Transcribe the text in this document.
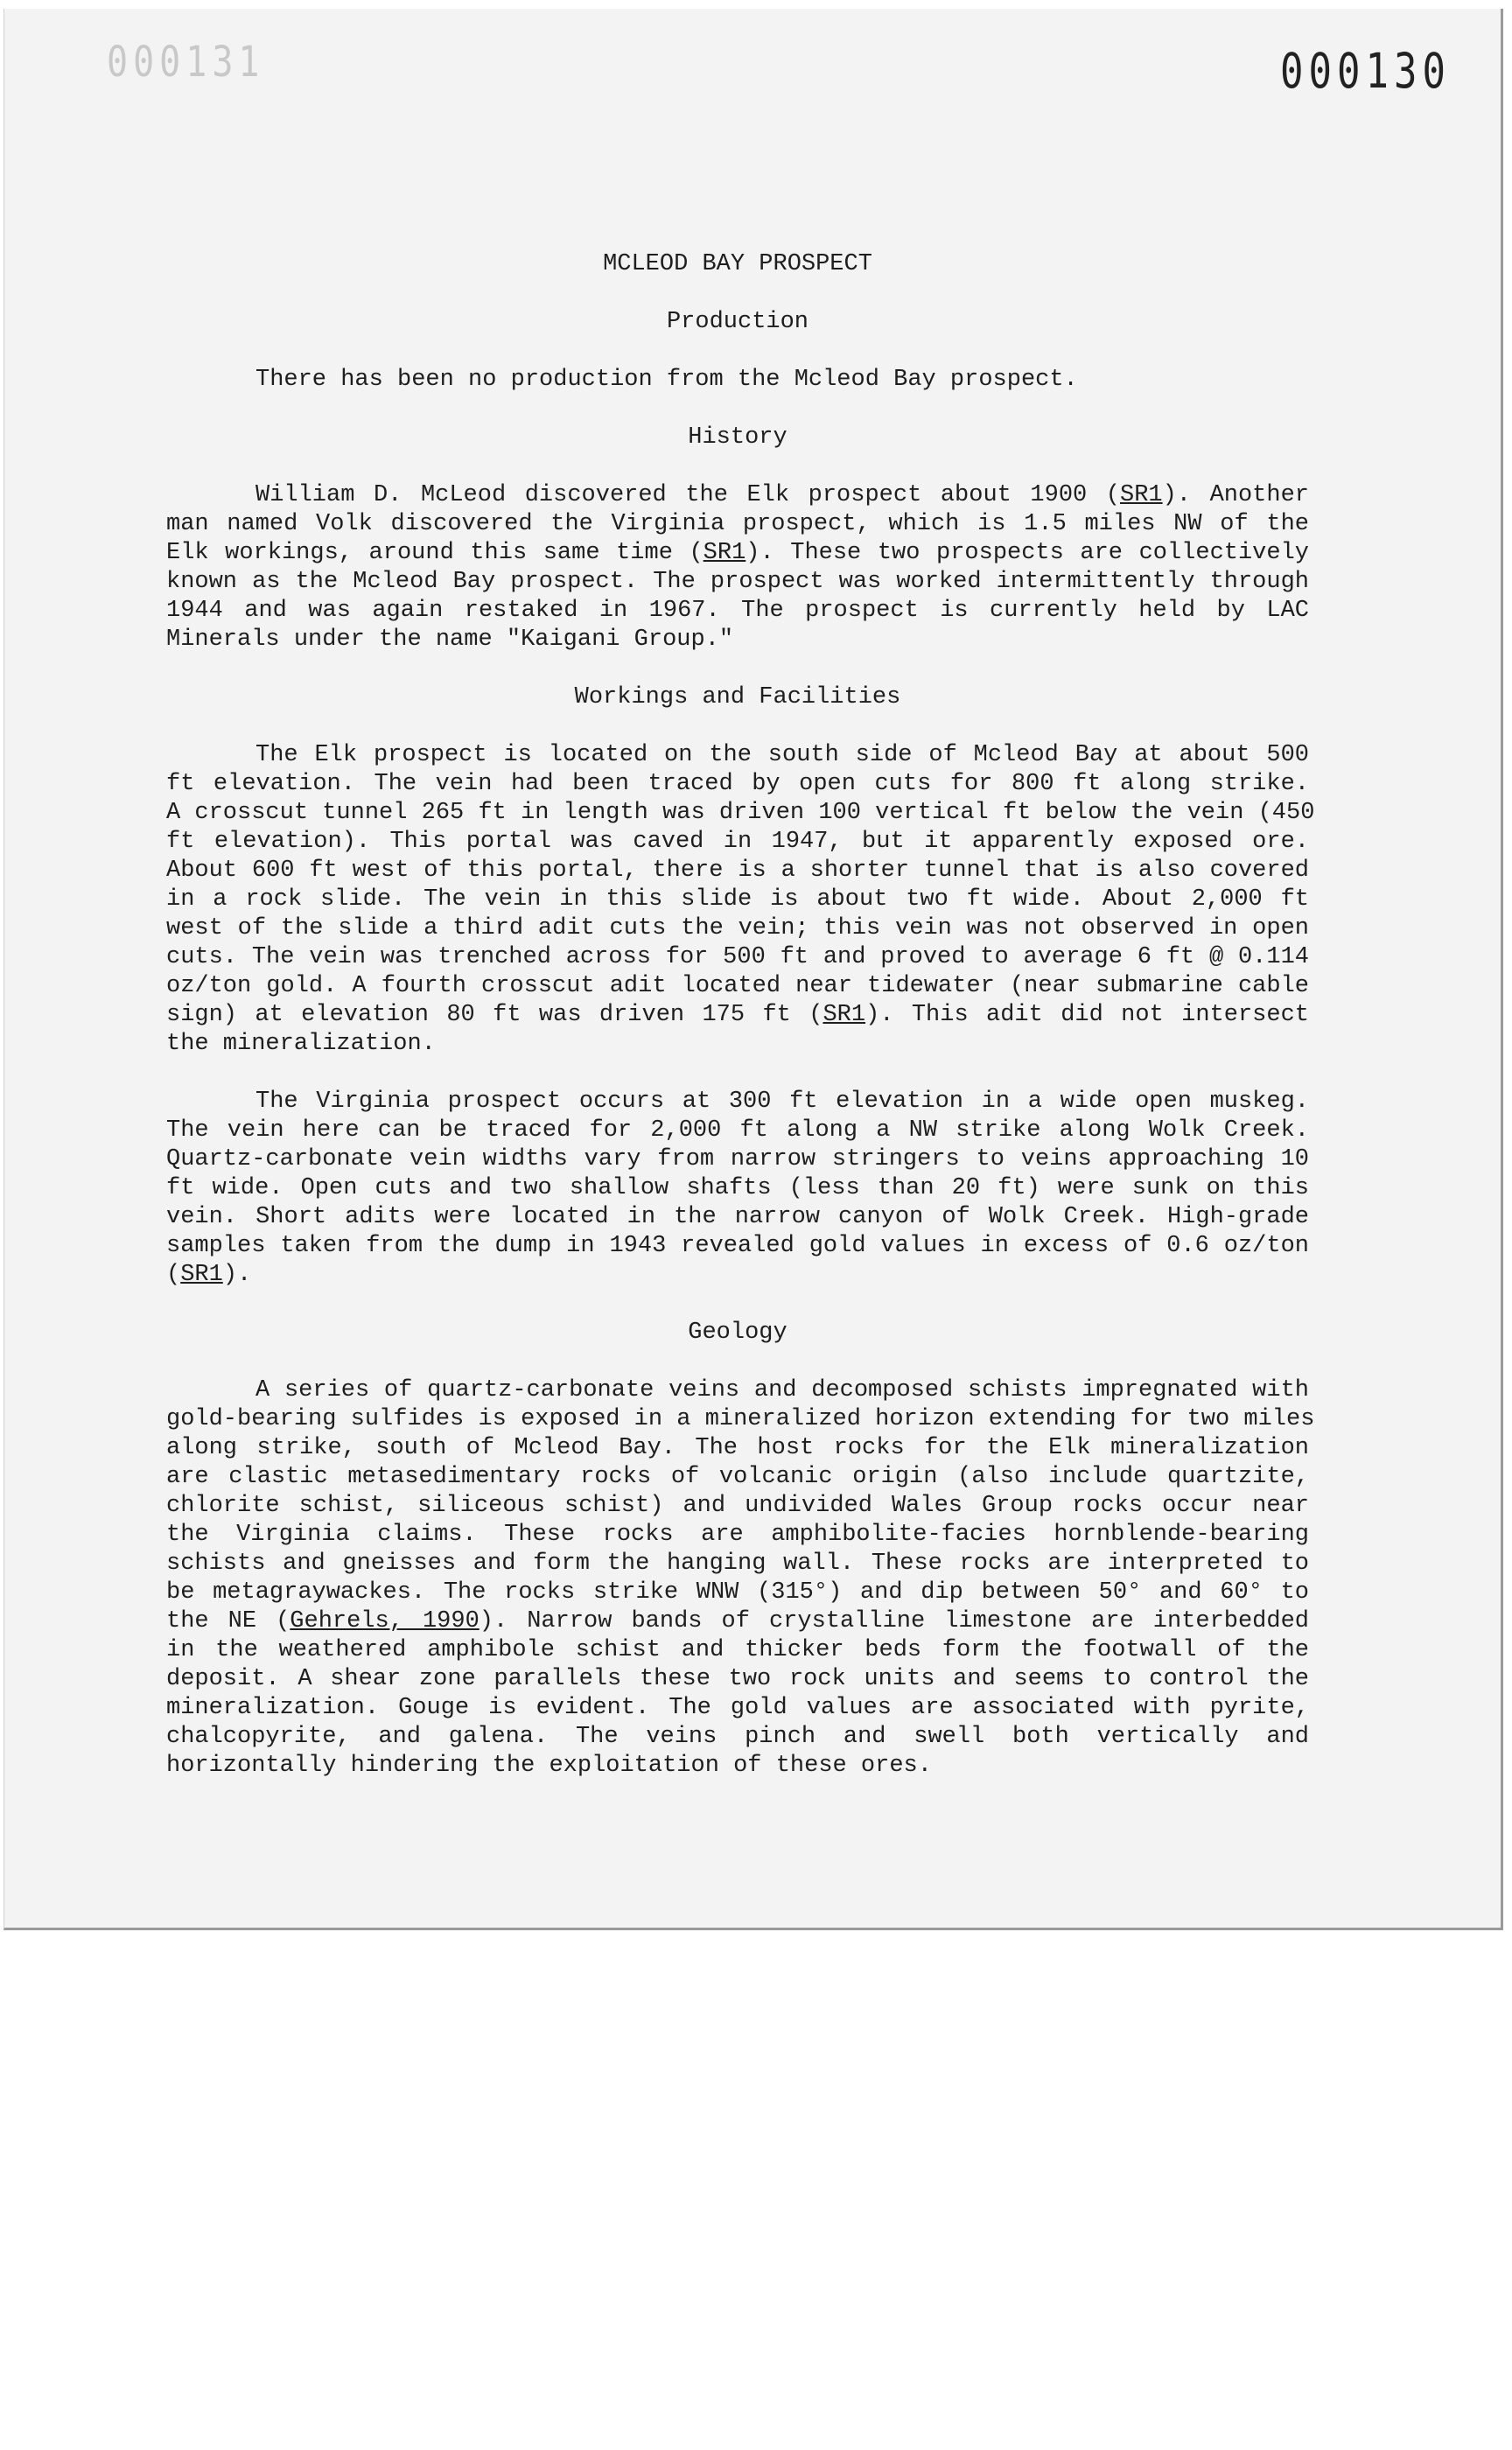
000131	000130
MCLEOD BAY PROSPECT
Production
There has been no production from the Mcleod Bay prospect.
History
William D. McLeod discovered the Elk prospect about 1900 (SR1). Another
man named Volk discovered the Virginia prospect, which is 1.5 miles NW of the
Elk workings, around this same time (SR1). These two prospects are collectively
known as the Mcleod Bay prospect. The prospect was worked intermittently through
1944 and was again restaked in 1967. The prospect is currently held by LAC
Minerals under the name "Kaigani Group."
Workings and Facilities
The Elk prospect is located on the south side of Mcleod Bay at about 500
ft elevation. The vein had been traced by open cuts for 800 ft along strike.
A crosscut tunnel 265 ft in length was driven 100 vertical ft below the vein (450
ft elevation). This portal was caved in 1947, but it apparently exposed ore.
About 600 ft west of this portal, there is a shorter tunnel that is also covered
in a rock slide. The vein in this slide is about two ft wide. About 2,000 ft
west of the slide a third adit cuts the vein; this vein was not observed in open
cuts. The vein was trenched across for 500 ft and proved to average 6 ft @ 0.114
oz/ton gold. A fourth crosscut adit located near tidewater (near submarine cable
sign) at elevation 80 ft was driven 175 ft (SR1). This adit did not intersect
the mineralization.
The Virginia prospect occurs at 300 ft elevation in a wide open muskeg.
The vein here can be traced for 2,000 ft along a NW strike along Wolk Creek.
Quartz-carbonate vein widths vary from narrow stringers to veins approaching 10
ft wide. Open cuts and two shallow shafts (less than 20 ft) were sunk on this
vein. Short adits were located in the narrow canyon of Wolk Creek. High-grade
samples taken from the dump in 1943 revealed gold values in excess of 0.6 oz/ton
(SR1).
Geology
A series of quartz-carbonate veins and decomposed schists impregnated with
gold-bearing sulfides is exposed in a mineralized horizon extending for two miles
along strike, south of Mcleod Bay. The host rocks for the Elk mineralization
are clastic metasedimentary rocks of volcanic origin (also include quartzite,
chlorite schist, siliceous schist) and undivided Wales Group rocks occur near
the Virginia claims. These rocks are amphibolite-facies hornblende-bearing
schists and gneisses and form the hanging wall. These rocks are interpreted to
be metagraywackes. The rocks strike WNW (315°) and dip between 50° and 60° to
the NE (Gehrels, 1990). Narrow bands of crystalline limestone are interbedded
in the weathered amphibole schist and thicker beds form the footwall of the
deposit. A shear zone parallels these two rock units and seems to control the
mineralization. Gouge is evident. The gold values are associated with pyrite,
chalcopyrite, and galena. The veins pinch and swell both vertically and
horizontally hindering the exploitation of these ores.
